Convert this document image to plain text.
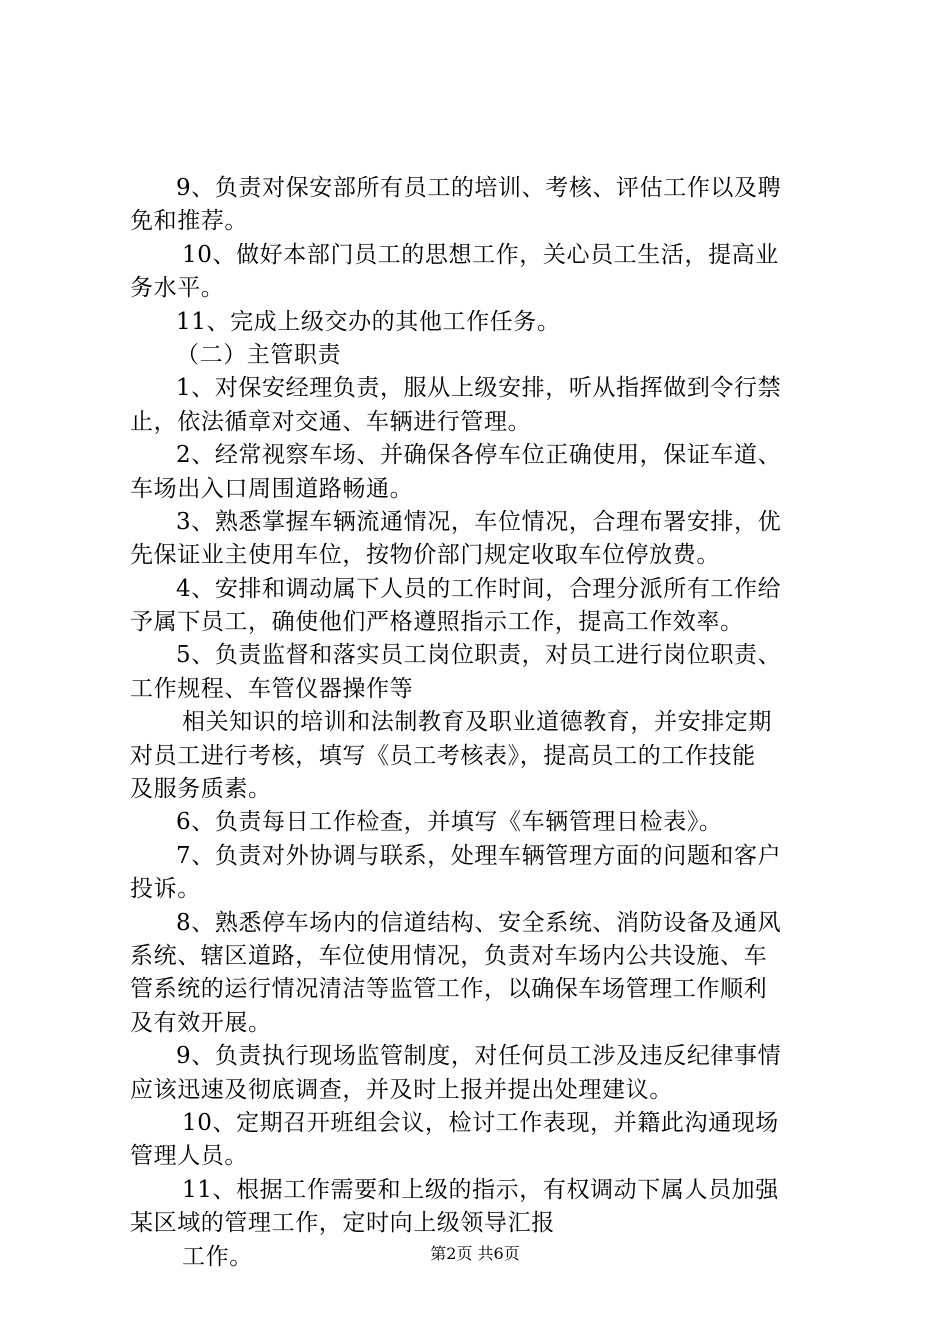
9、负责对保安部所有员工的培训、考核、评估工作以及聘
免和推荐。
10、做好本部门员工的思想工作，关心员工生活，提高业
务水平。
11、完成上级交办的其他工作任务。
（二）主管职责
1、对保安经理负责，服从上级安排，听从指挥做到令行禁
止，依法循章对交通、车辆进行管理。
2、经常视察车场、并确保各停车位正确使用，保证车道、
车场出入口周围道路畅通。
3、熟悉掌握车辆流通情况，车位情况，合理布署安排，优
先保证业主使用车位，按物价部门规定收取车位停放费。
4、安排和调动属下人员的工作时间，合理分派所有工作给
予属下员工，确使他们严格遵照指示工作，提高工作效率。
5、负责监督和落实员工岗位职责，对员工进行岗位职责、
工作规程、车管仪器操作等
相关知识的培训和法制教育及职业道德教育，并安排定期
对员工进行考核，填写《员工考核表》，提高员工的工作技能
及服务质素。
6、负责每日工作检查，并填写《车辆管理日检表》。
7、负责对外协调与联系，处理车辆管理方面的问题和客户
投诉。
8、熟悉停车场内的信道结构、安全系统、消防设备及通风
系统、辖区道路，车位使用情况，负责对车场内公共设施、车
管系统的运行情况清洁等监管工作，以确保车场管理工作顺利
及有效开展。
9、负责执行现场监管制度，对任何员工涉及违反纪律事情
应该迅速及彻底调查，并及时上报并提出处理建议。
10、定期召开班组会议，检讨工作表现，并籍此沟通现场
管理人员。
11、根据工作需要和上级的指示，有权调动下属人员加强
某区域的管理工作，定时向上级领导汇报
工作。	第2页 共6页
